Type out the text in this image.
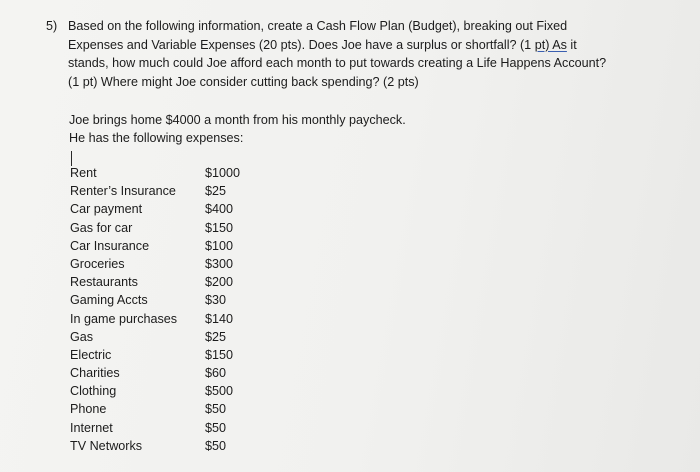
5) Based on the following information, create a Cash Flow Plan (Budget), breaking out Fixed
Expenses and Variable Expenses (20 pts). Does Joe have a surplus or shortfall? (1 pt) As it
stands, how much could Joe afford each month to put towards creating a Life Happens Account?
(1 pt) Where might Joe consider cutting back spending? (2 pts)
Joe brings home $4000 a month from his monthly paycheck.
He has the following expenses:
Rent	$1000
Renter’s Insurance $25
Car payment	$400
Gas for car	$150
Car Insurance	$100
Groceries	$300
Restaurants	$200
Gaming Accts	$30
In game purchases $140
Gas	$25
Electric	$150
Charities	$60
Clothing	$500
Phone	$50
Internet	$50
TV Networks	$50
